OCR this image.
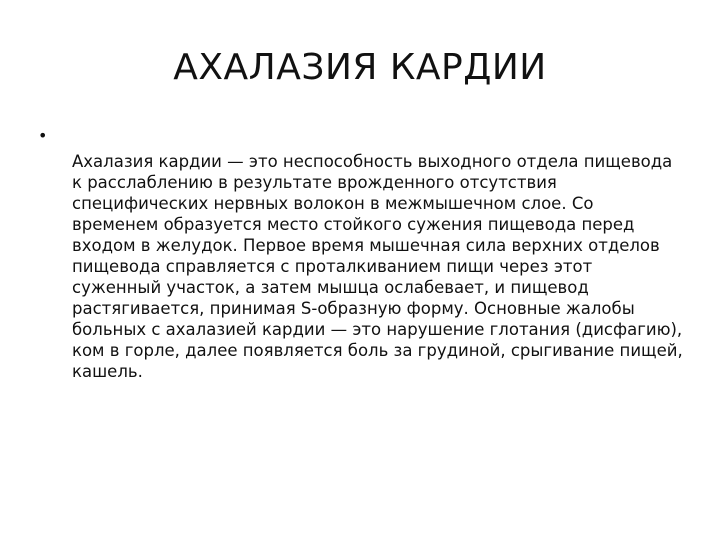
АХАЛАЗИЯ КАРДИИ
•

Ахалазия кардии — это неспособность выходного отдела пищевода к расслаблению в результате врожденного отсутствия специфических нервных волокон в межмышечном слое. Со временем образуется место стойкого сужения пищевода перед входом в желудок. Первое время мышечная сила верхних отделов пищевода справляется с проталкиванием пищи через этот суженный участок, а затем мышца ослабевает, и пищевод растягивается, принимая S-образную форму. Основные жалобы больных с ахалазией кардии — это нарушение глотания (дисфагию), ком в горле, далее появляется боль за грудиной, срыгивание пищей, кашель.
